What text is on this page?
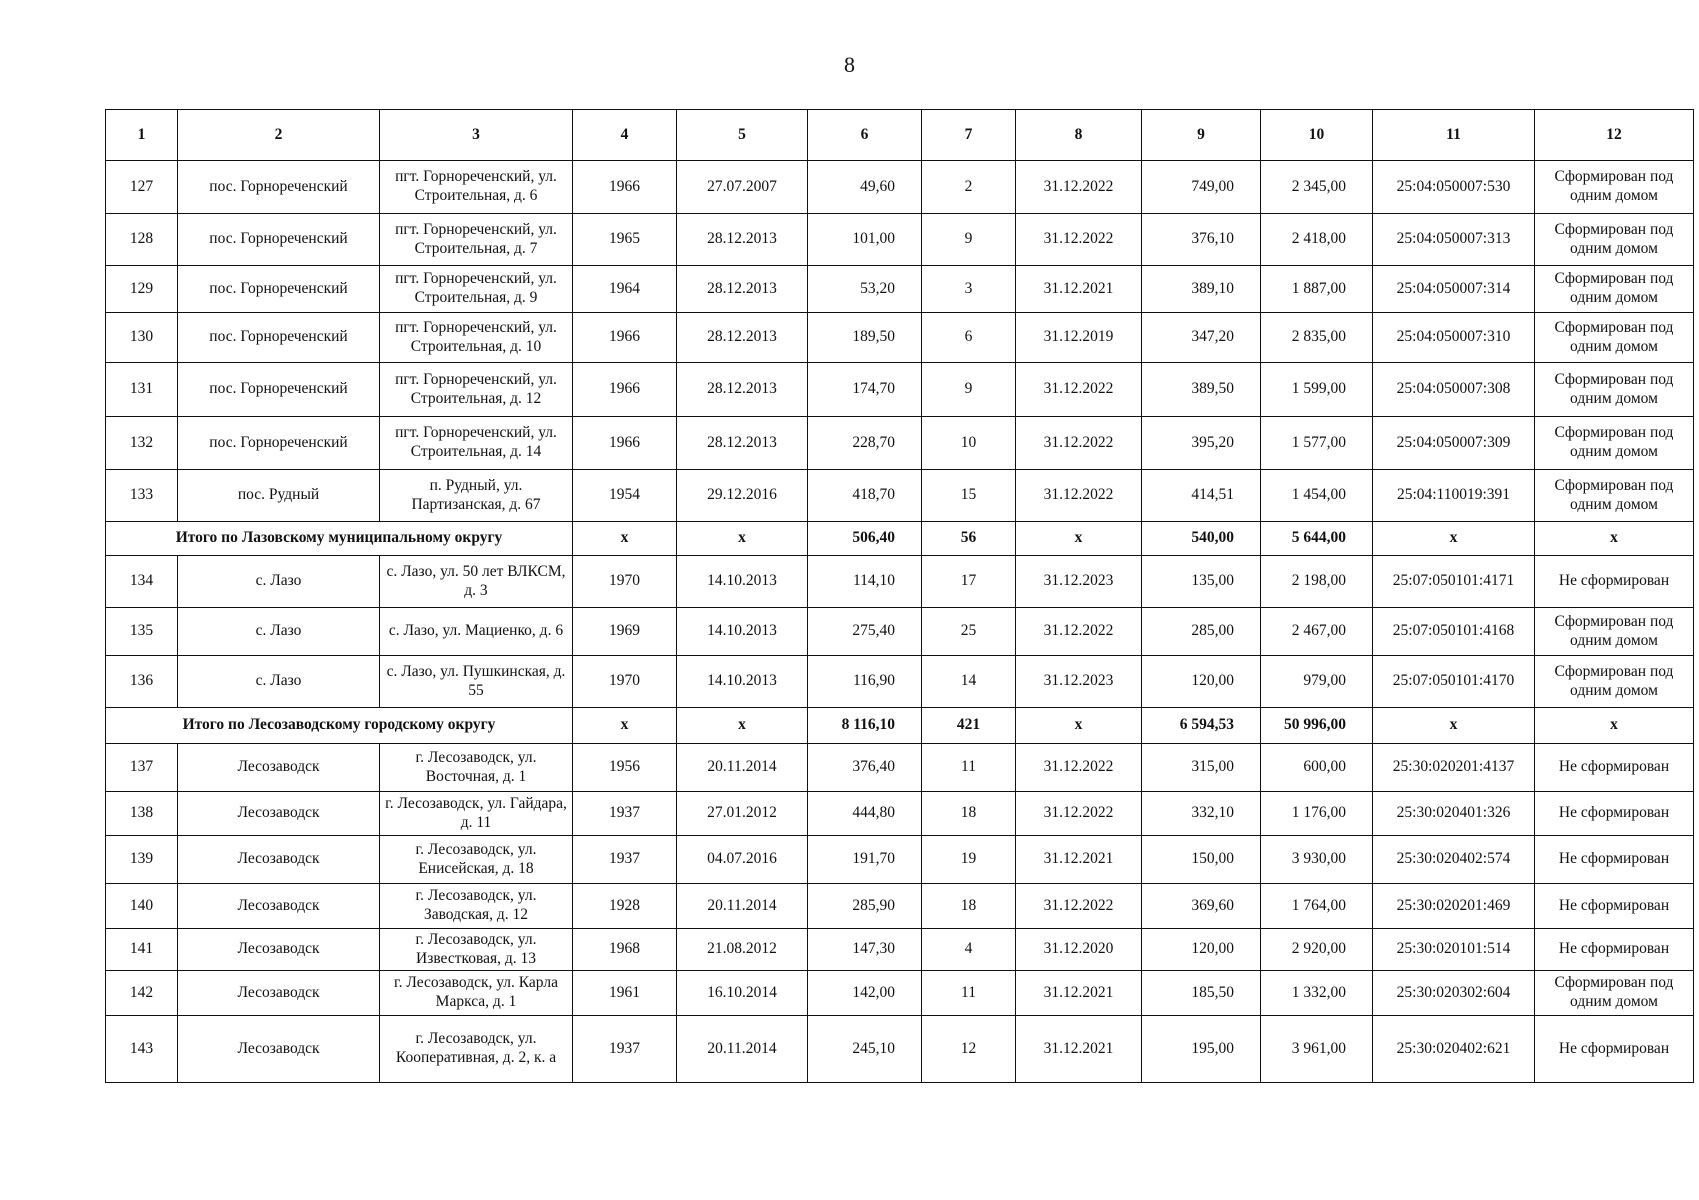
8
1	2	3	4	5	6	7	8	9	10	11	12
127	пос. Горнореченский	пгт. Горнореченский, ул. Строительная, д. 6	1966	27.07.2007	49,60	2	31.12.2022	749,00	2 345,00	25:04:050007:530	Сформирован под одним домом
128	пос. Горнореченский	пгт. Горнореченский, ул. Строительная, д. 7	1965	28.12.2013	101,00	9	31.12.2022	376,10	2 418,00	25:04:050007:313	Сформирован под одним домом
129	пос. Горнореченский	пгт. Горнореченский, ул. Строительная, д. 9	1964	28.12.2013	53,20	3	31.12.2021	389,10	1 887,00	25:04:050007:314	Сформирован под одним домом
130	пос. Горнореченский	пгт. Горнореченский, ул. Строительная, д. 10	1966	28.12.2013	189,50	6	31.12.2019	347,20	2 835,00	25:04:050007:310	Сформирован под одним домом
131	пос. Горнореченский	пгт. Горнореченский, ул. Строительная, д. 12	1966	28.12.2013	174,70	9	31.12.2022	389,50	1 599,00	25:04:050007:308	Сформирован под одним домом
132	пос. Горнореченский	пгт. Горнореченский, ул. Строительная, д. 14	1966	28.12.2013	228,70	10	31.12.2022	395,20	1 577,00	25:04:050007:309	Сформирован под одним домом
133	пос. Рудный	п. Рудный, ул. Партизанская, д. 67	1954	29.12.2016	418,70	15	31.12.2022	414,51	1 454,00	25:04:110019:391	Сформирован под одним домом
Итого по Лазовскому муниципальному округу			x	x	506,40	56	x	540,00	5 644,00	x	x
134	с. Лазо	с. Лазо, ул. 50 лет ВЛКСМ, д. 3	1970	14.10.2013	114,10	17	31.12.2023	135,00	2 198,00	25:07:050101:4171	Не сформирован
135	с. Лазо	с. Лазо, ул. Мациенко, д. 6	1969	14.10.2013	275,40	25	31.12.2022	285,00	2 467,00	25:07:050101:4168	Сформирован под одним домом
136	с. Лазо	с. Лазо, ул. Пушкинская, д. 55	1970	14.10.2013	116,90	14	31.12.2023	120,00	979,00	25:07:050101:4170	Сформирован под одним домом
Итого по Лесозаводскому городскому округу			x	x	8 116,10	421	x	6 594,53	50 996,00	x	x
137	Лесозаводск	г. Лесозаводск, ул. Восточная, д. 1	1956	20.11.2014	376,40	11	31.12.2022	315,00	600,00	25:30:020201:4137	Не сформирован
138	Лесозаводск	г. Лесозаводск, ул. Гайдара, д. 11	1937	27.01.2012	444,80	18	31.12.2022	332,10	1 176,00	25:30:020401:326	Не сформирован
139	Лесозаводск	г. Лесозаводск, ул. Енисейская, д. 18	1937	04.07.2016	191,70	19	31.12.2021	150,00	3 930,00	25:30:020402:574	Не сформирован
140	Лесозаводск	г. Лесозаводск, ул. Заводская, д. 12	1928	20.11.2014	285,90	18	31.12.2022	369,60	1 764,00	25:30:020201:469	Не сформирован
141	Лесозаводск	г. Лесозаводск, ул. Известковая, д. 13	1968	21.08.2012	147,30	4	31.12.2020	120,00	2 920,00	25:30:020101:514	Не сформирован
142	Лесозаводск	г. Лесозаводск, ул. Карла Маркса, д. 1	1961	16.10.2014	142,00	11	31.12.2021	185,50	1 332,00	25:30:020302:604	Сформирован под одним домом
143	Лесозаводск	г. Лесозаводск, ул. Кооперативная, д. 2, к. а	1937	20.11.2014	245,10	12	31.12.2021	195,00	3 961,00	25:30:020402:621	Не сформирован
